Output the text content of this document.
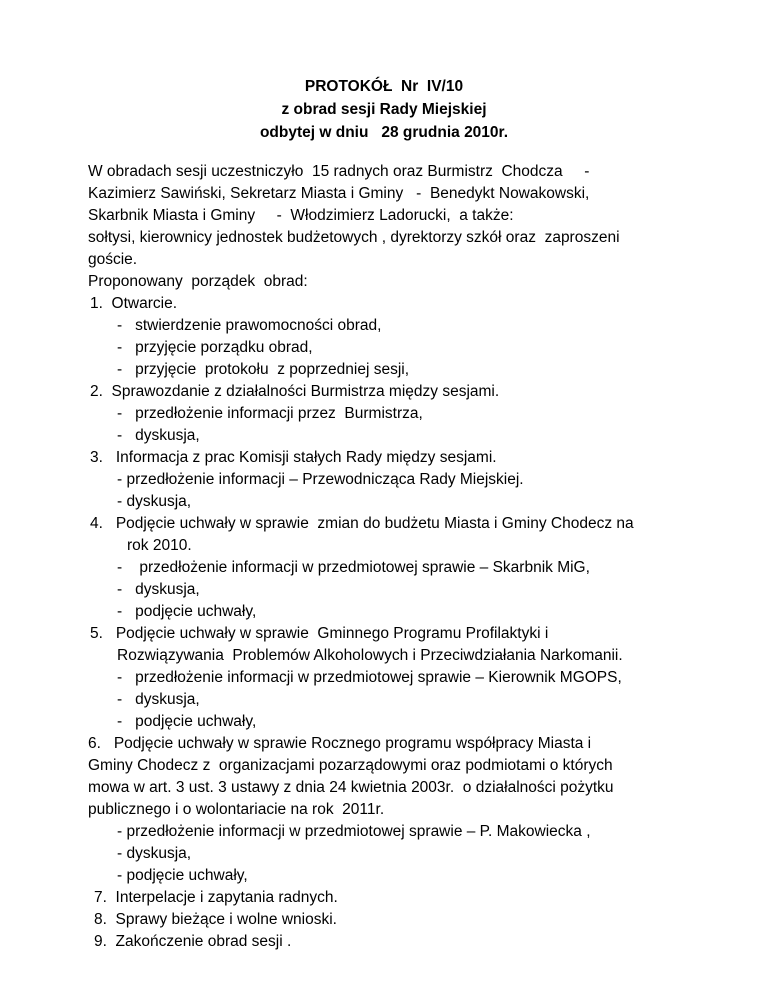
PROTOKÓŁ  Nr  IV/10
z obrad sesji Rady Miejskiej
odbytej w dniu   28 grudnia 2010r.
W obradach sesji uczestniczyło  15 radnych oraz Burmistrz  Chodcza     -
Kazimierz Sawiński, Sekretarz Miasta i Gminy   -  Benedykt Nowakowski,
Skarbnik Miasta i Gminy     -  Włodzimierz Ladorucki,  a także:
sołtysi, kierownicy jednostek budżetowych , dyrektorzy szkół oraz  zaproszeni
goście.
Proponowany  porządek  obrad:
1.  Otwarcie.
-   stwierdzenie prawomocności obrad,
-   przyjęcie porządku obrad,
-   przyjęcie  protokołu  z poprzedniej sesji,
2.  Sprawozdanie z działalności Burmistrza między sesjami.
-   przedłożenie informacji przez  Burmistrza,
-   dyskusja,
3.   Informacja z prac Komisji stałych Rady między sesjami.
- przedłożenie informacji – Przewodnicząca Rady Miejskiej.
- dyskusja,
4.   Podjęcie uchwały w sprawie  zmian do budżetu Miasta i Gminy Chodecz na
rok 2010.
-    przedłożenie informacji w przedmiotowej sprawie – Skarbnik MiG,
-   dyskusja,
-   podjęcie uchwały,
5.   Podjęcie uchwały w sprawie  Gminnego Programu Profilaktyki i
Rozwiązywania  Problemów Alkoholowych i Przeciwdziałania Narkomanii.
-   przedłożenie informacji w przedmiotowej sprawie – Kierownik MGOPS,
-   dyskusja,
-   podjęcie uchwały,
6.   Podjęcie uchwały w sprawie Rocznego programu współpracy Miasta i
Gminy Chodecz z  organizacjami pozarządowymi oraz podmiotami o których
mowa w art. 3 ust. 3 ustawy z dnia 24 kwietnia 2003r.  o działalności pożytku
publicznego i o wolontariacie na rok  2011r.
- przedłożenie informacji w przedmiotowej sprawie – P. Makowiecka ,
- dyskusja,
- podjęcie uchwały,
7.  Interpelacje i zapytania radnych.
8.  Sprawy bieżące i wolne wnioski.
9.  Zakończenie obrad sesji .
